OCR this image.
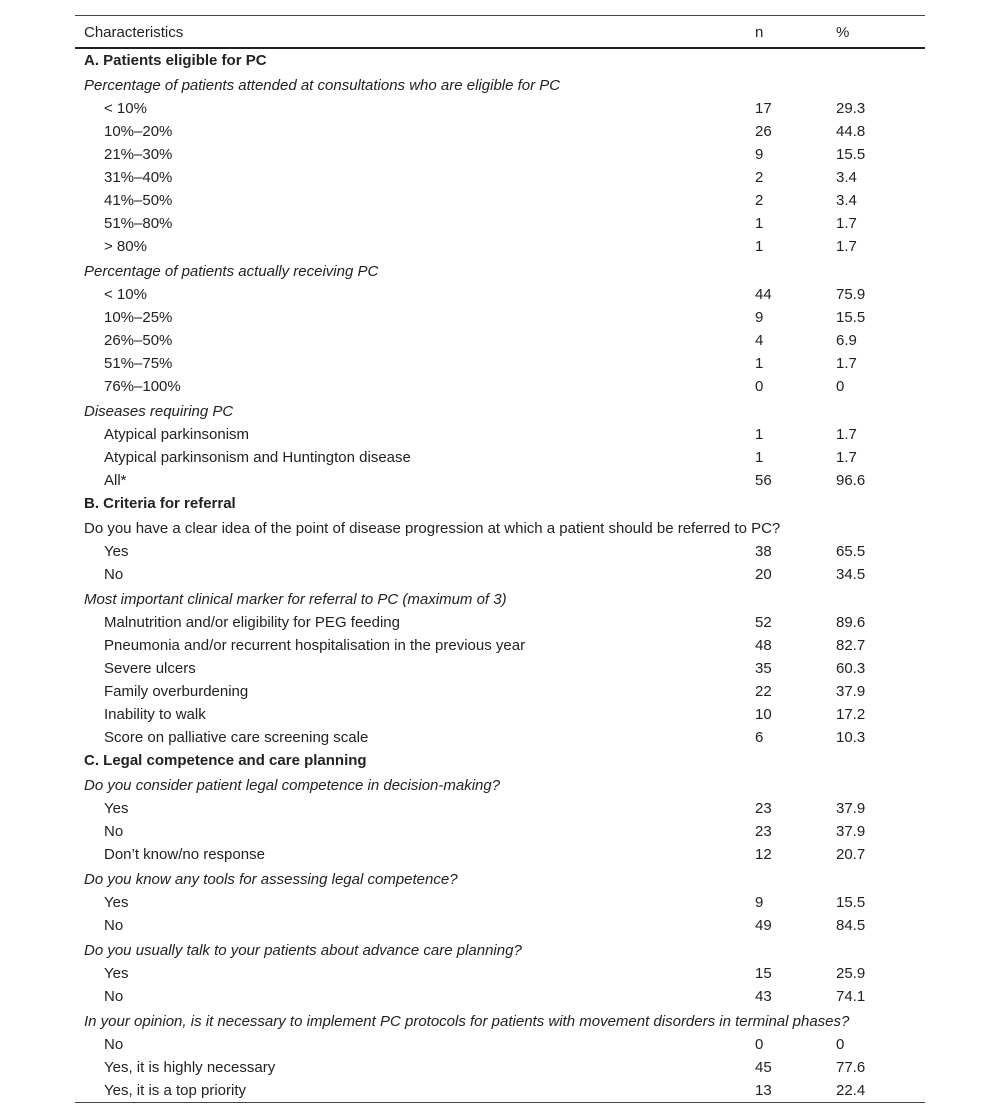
Characteristics	n	%
A. Patients eligible for PC
Percentage of patients attended at consultations who are eligible for PC
< 10%	17	29.3
10%–20%	26	44.8
21%–30%	9	15.5
31%–40%	2	3.4
41%–50%	2	3.4
51%–80%	1	1.7
> 80%	1	1.7
Percentage of patients actually receiving PC
< 10%	44	75.9
10%–25%	9	15.5
26%–50%	4	6.9
51%–75%	1	1.7
76%–100%	0	0
Diseases requiring PC
Atypical parkinsonism	1	1.7
Atypical parkinsonism and Huntington disease	1	1.7
All*	56	96.6
B. Criteria for referral
Do you have a clear idea of the point of disease progression at which a patient should be referred to PC?
Yes	38	65.5
No	20	34.5
Most important clinical marker for referral to PC (maximum of 3)
Malnutrition and/or eligibility for PEG feeding	52	89.6
Pneumonia and/or recurrent hospitalisation in the previous year	48	82.7
Severe ulcers	35	60.3
Family overburdening	22	37.9
Inability to walk	10	17.2
Score on palliative care screening scale	6	10.3
C. Legal competence and care planning
Do you consider patient legal competence in decision-making?
Yes	23	37.9
No	23	37.9
Don’t know/no response	12	20.7
Do you know any tools for assessing legal competence?
Yes	9	15.5
No	49	84.5
Do you usually talk to your patients about advance care planning?
Yes	15	25.9
No	43	74.1
In your opinion, is it necessary to implement PC protocols for patients with movement disorders in terminal phases?
No	0	0
Yes, it is highly necessary	45	77.6
Yes, it is a top priority	13	22.4
